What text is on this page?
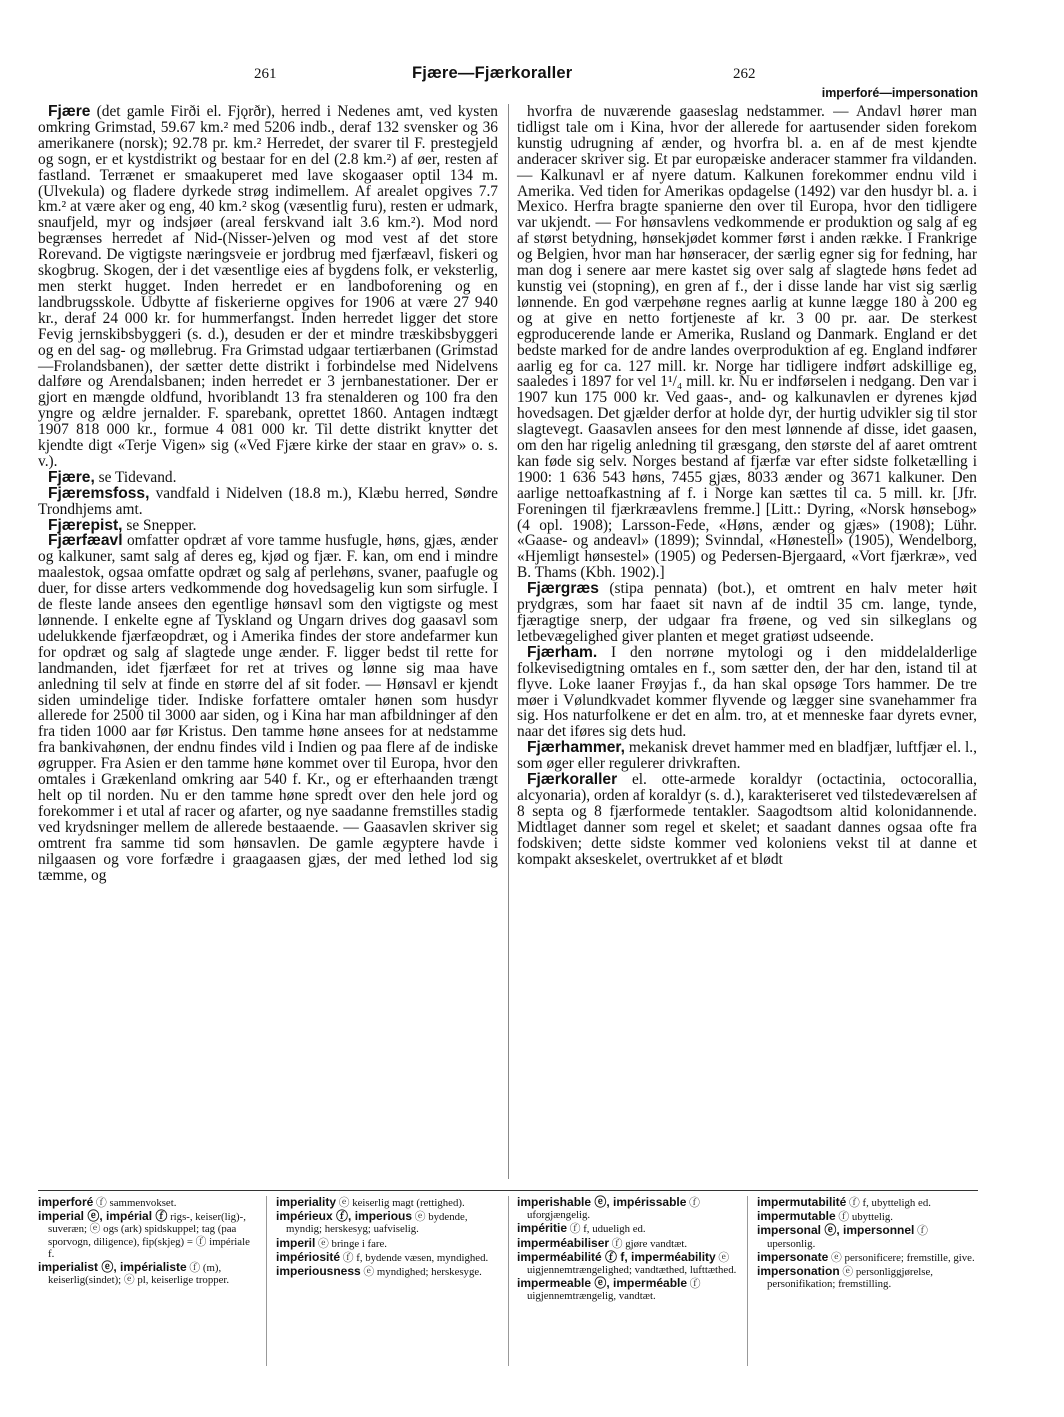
261	Fjære—Fjærkoraller	262
imperforé—impersonation

Fjære (det gamle Firði el. Fjǫrðr), herred i Nedenes amt, ved kysten omkring Grimstad, 59.67 km.² med 5206 indb., deraf 132 svensker og 36 amerikanere (norsk); 92.78 pr. km.² Herredet, der svarer til F. prestegjeld og sogn, er et kystdistrikt og bestaar for en del (2.8 km.²) af øer, resten af fastland. Terrænet er smaakuperet med lave skogaaser optil 134 m. (Ulvekula) og fladere dyrkede strøg indimellem. Af arealet opgives 7.7 km.² at være aker og eng, 40 km.² skog (væsentlig furu), resten er udmark, snaufjeld, myr og indsjøer (areal ferskvand ialt 3.6 km.²). Mod nord begrænses herredet af Nid-(Nisser-)elven og mod vest af det store Rorevand. De vigtigste næringsveie er jordbrug med fjærfæavl, fiskeri og skogbrug. Skogen, der i det væsentlige eies af bygdens folk, er veksterlig, men sterkt hugget. Inden herredet er en landboforening og en landbrugsskole. Udbytte af fiskerierne opgives for 1906 at være 27 940 kr., deraf 24 000 kr. for hummerfangst. Inden herredet ligger det store Fevig jernskibsbyggeri (s. d.), desuden er der et mindre træskibsbyggeri og en del sag- og møllebrug. Fra Grimstad udgaar tertiærbanen (Grimstad—Frolandsbanen), der sætter dette distrikt i forbindelse med Nidelvens dalføre og Arendalsbanen; inden herredet er 3 jernbanestationer. Der er gjort en mængde oldfund, hvoriblandt 13 fra stenalderen og 100 fra den yngre og ældre jernalder. F. sparebank, oprettet 1860. Antagen indtægt 1907 818 000 kr., formue 4 081 000 kr. Til dette distrikt knytter det kjendte digt «Terje Vigen» sig («Ved Fjære kirke der staar en grav» o. s. v.).

Fjære, se Tidevand.

Fjæremsfoss, vandfald i Nidelven (18.8 m.), Klæbu herred, Søndre Trondhjems amt.

Fjærepist, se Snepper.

Fjærfæavl omfatter opdræt af vore tamme husfugle, høns, gjæs, ænder og kalkuner, samt salg af deres eg, kjød og fjær. F. kan, om end i mindre maalestok, ogsaa omfatte opdræt og salg af perlehøns, svaner, paafugle og duer, for disse arters vedkommende dog hovedsagelig kun som sirfugle. I de fleste lande ansees den egentlige hønsavl som den vigtigste og mest lønnende. I enkelte egne af Tyskland og Ungarn drives dog gaasavl som udelukkende fjærfæopdræt, og i Amerika findes der store andefarmer kun for opdræt og salg af slagtede unge ænder. F. ligger bedst til rette for landmanden, idet fjærfæet for ret at trives og lønne sig maa have anledning til selv at finde en større del af sit foder. — Hønsavl er kjendt siden umindelige tider. Indiske forfattere omtaler hønen som husdyr allerede for 2500 til 3000 aar siden, og i Kina har man afbildninger af den fra tiden 1000 aar før Kristus. Den tamme høne ansees for at nedstamme fra bankivahønen, der endnu findes vild i Indien og paa flere af de indiske øgrupper. Fra Asien er den tamme høne kommet over til Europa, hvor den omtales i Grækenland omkring aar 540 f. Kr., og er efterhaanden trængt helt op til norden. Nu er den tamme høne spredt over den hele jord og forekommer i et utal af racer og afarter, og nye saadanne fremstilles stadig ved krydsninger mellem de allerede bestaaende. — Gaasavlen skriver sig omtrent fra samme tid som hønsavlen. De gamle ægyptere havde i nilgaasen og vore forfædre i graagaasen gjæs, der med lethed lod sig tæmme, og

hvorfra de nuværende gaaseslag nedstammer. — Andavl hører man tidligst tale om i Kina, hvor der allerede for aartusender siden forekom kunstig udrugning af ænder, og hvorfra bl. a. en af de mest kjendte anderacer skriver sig. Et par europæiske anderacer stammer fra vildanden. — Kalkunavl er af nyere datum. Kalkunen forekommer endnu vild i Amerika. Ved tiden for Amerikas opdagelse (1492) var den husdyr bl. a. i Mexico. Herfra bragte spanierne den over til Europa, hvor den tidligere var ukjendt. — For hønsavlens vedkommende er produktion og salg af eg af størst betydning, hønsekjødet kommer først i anden række. I Frankrige og Belgien, hvor man har hønseracer, der særlig egner sig for fedning, har man dog i senere aar mere kastet sig over salg af slagtede høns fedet ad kunstig vei (stopning), en gren af f., der i disse lande har vist sig særlig lønnende. En god værpehøne regnes aarlig at kunne lægge 180 à 200 eg og at give en netto fortjeneste af kr. 3 00 pr. aar. De sterkest egproducerende lande er Amerika, Rusland og Danmark. England er det bedste marked for de andre landes overproduktion af eg. England indfører aarlig eg for ca. 127 mill. kr. Norge har tidligere indført adskillige eg, saaledes i 1897 for vel 1¹/₄ mill. kr. Nu er indførselen i nedgang. Den var i 1907 kun 175 000 kr. Ved gaas-, and- og kalkunavlen er dyrenes kjød hovedsagen. Det gjælder derfor at holde dyr, der hurtig udvikler sig til stor slagtevegt. Gaasavlen ansees for den mest lønnende af disse, idet gaasen, om den har rigelig anledning til græsgang, den største del af aaret omtrent kan føde sig selv. Norges bestand af fjærfæ var efter sidste folketælling i 1900: 1 636 543 høns, 7455 gjæs, 8033 ænder og 3671 kalkuner. Den aarlige nettoafkastning af f. i Norge kan sættes til ca. 5 mill. kr. [Jfr. Foreningen til fjærkræavlens fremme.] [Litt.: Dyring, «Norsk hønsebog» (4 opl. 1908); Larsson-Fede, «Høns, ænder og gjæs» (1908); Lühr. «Gaase- og andeavl» (1899); Svinndal, «Hønestell» (1905), Wendelborg, «Hjemligt hønsestel» (1905) og Pedersen-Bjergaard, «Vort fjærkræ», ved B. Thams (Kbh. 1902).]

Fjærgræs (stipa pennata) (bot.), et omtrent en halv meter høit prydgræs, som har faaet sit navn af de indtil 35 cm. lange, tynde, fjæragtige snerp, der udgaar fra frøene, og ved sin silkeglans og letbevægelighed giver planten et meget gratiøst udseende.

Fjærham. I den norrøne mytologi og i den middelalderlige folkevisedigtning omtales en f., som sætter den, der har den, istand til at flyve. Loke laaner Frøyjas f., da han skal opsøge Tors hammer. De tre møer i Vølundkvadet kommer flyvende og lægger sine svanehammer fra sig. Hos naturfolkene er det en alm. tro, at et menneske faar dyrets evner, naar det iføres sig dets hud.

Fjærhammer, mekanisk drevet hammer med en bladfjær, luftfjær el. l., som øger eller regulerer drivkraften.

Fjærkoraller el. otte-armede koraldyr (octactinia, octocorallia, alcyonaria), orden af koraldyr (s. d.), karakteriseret ved tilstedeværelsen af 8 septa og 8 fjærformede tentakler. Saagodtsom altid kolonidannende. Midtlaget danner som regel et skelet; et saadant dannes ogsaa ofte fra fodskiven; dette sidste kommer ved koloniens vekst til at danne et kompakt akseskelet, overtrukket af et blødt

imperforé ⓕ sammenvokset.

imperial ⓔ, impérial ⓕ rigs-, keiser(lig)-, suveræn; ⓔ ogs (ark) spidskuppel; tag (paa sporvogn, diligence), fip(skjeg) = ⓕ impériale f.

imperialist ⓔ, impérialiste ⓕ (m), keiserlig(sindet); ⓔ pl, keiserlige tropper.

imperiality ⓔ keiserlig magt (rettighed).

impérieux ⓕ, imperious ⓔ bydende, myndig; herskesyg; uafviselig.

imperil ⓔ bringe i fare.

impériosité ⓕ f, bydende væsen, myndighed.

imperiousness ⓔ myndighed; herskesyge.

imperishable ⓔ, impérissable ⓕ uforgjængelig.

impéritie ⓕ f, udueligh ed.

imperméabiliser ⓕ gjøre vandtæt.

imperméabilité ⓕ f, imperméability ⓔ uigjennemtrængelighed; vandtæthed, lufttæthed.

impermeable ⓔ, imperméable ⓕ uigjennemtrængelig, vandtæt.

impermutabilité ⓕ f, ubytteligh ed.

impermutable ⓕ ubyttelig.

impersonal ⓔ, impersonnel ⓕ upersonlig.

impersonate ⓔ personificere; fremstille, give.

impersonation ⓔ personliggjørelse, personifikation; fremstilling.
